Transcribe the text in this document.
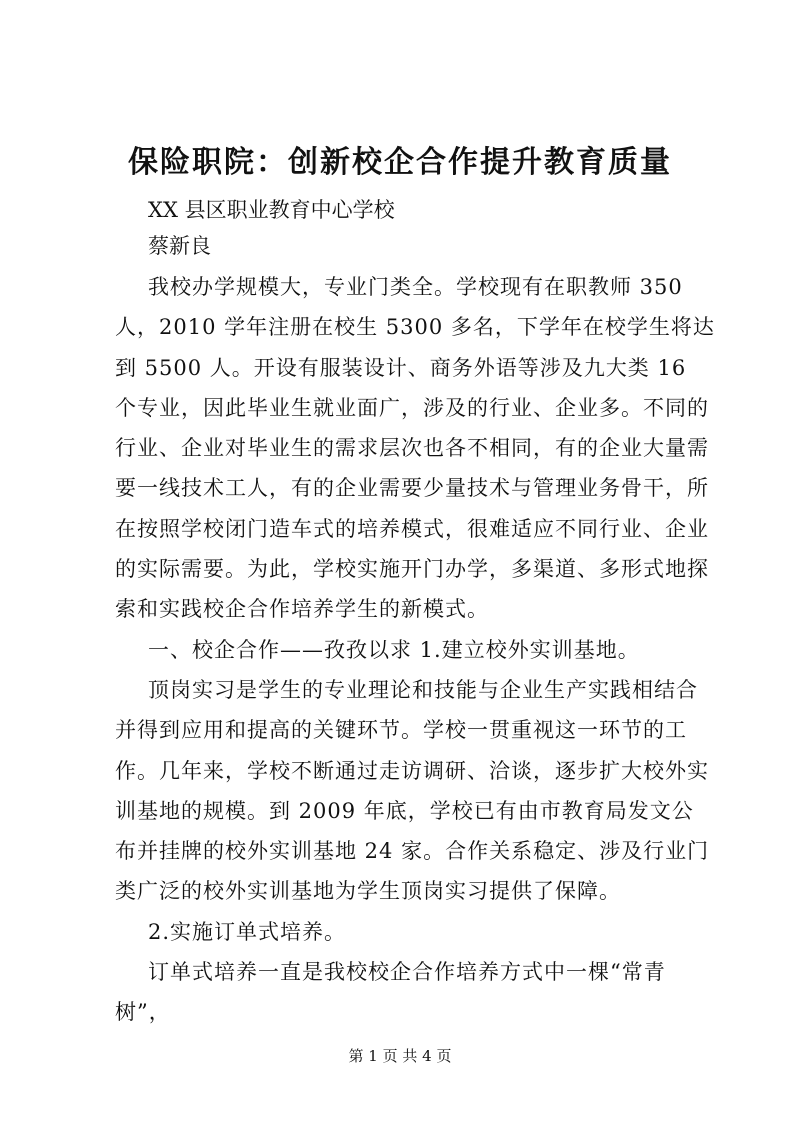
保险职院：创新校企合作提升教育质量

XX 县区职业教育中心学校

蔡新良

我校办学规模大，专业门类全。学校现有在职教师 350 人，2010 学年注册在校生 5300 多名，下学年在校学生将达到 5500 人。开设有服装设计、商务外语等涉及九大类 16 个专业，因此毕业生就业面广，涉及的行业、企业多。不同的行业、企业对毕业生的需求层次也各不相同，有的企业大量需要一线技术工人，有的企业需要少量技术与管理业务骨干，所在按照学校闭门造车式的培养模式，很难适应不同行业、企业的实际需要。为此，学校实施开门办学，多渠道、多形式地探索和实践校企合作培养学生的新模式。

一、校企合作——孜孜以求 1.建立校外实训基地。

顶岗实习是学生的专业理论和技能与企业生产实践相结合并得到应用和提高的关键环节。学校一贯重视这一环节的工作。几年来，学校不断通过走访调研、洽谈，逐步扩大校外实训基地的规模。到 2009 年底，学校已有由市教育局发文公布并挂牌的校外实训基地 24 家。合作关系稳定、涉及行业门类广泛的校外实训基地为学生顶岗实习提供了保障。

2.实施订单式培养。

订单式培养一直是我校校企合作培养方式中一棵“常青树”，

第 1 页 共 4 页
